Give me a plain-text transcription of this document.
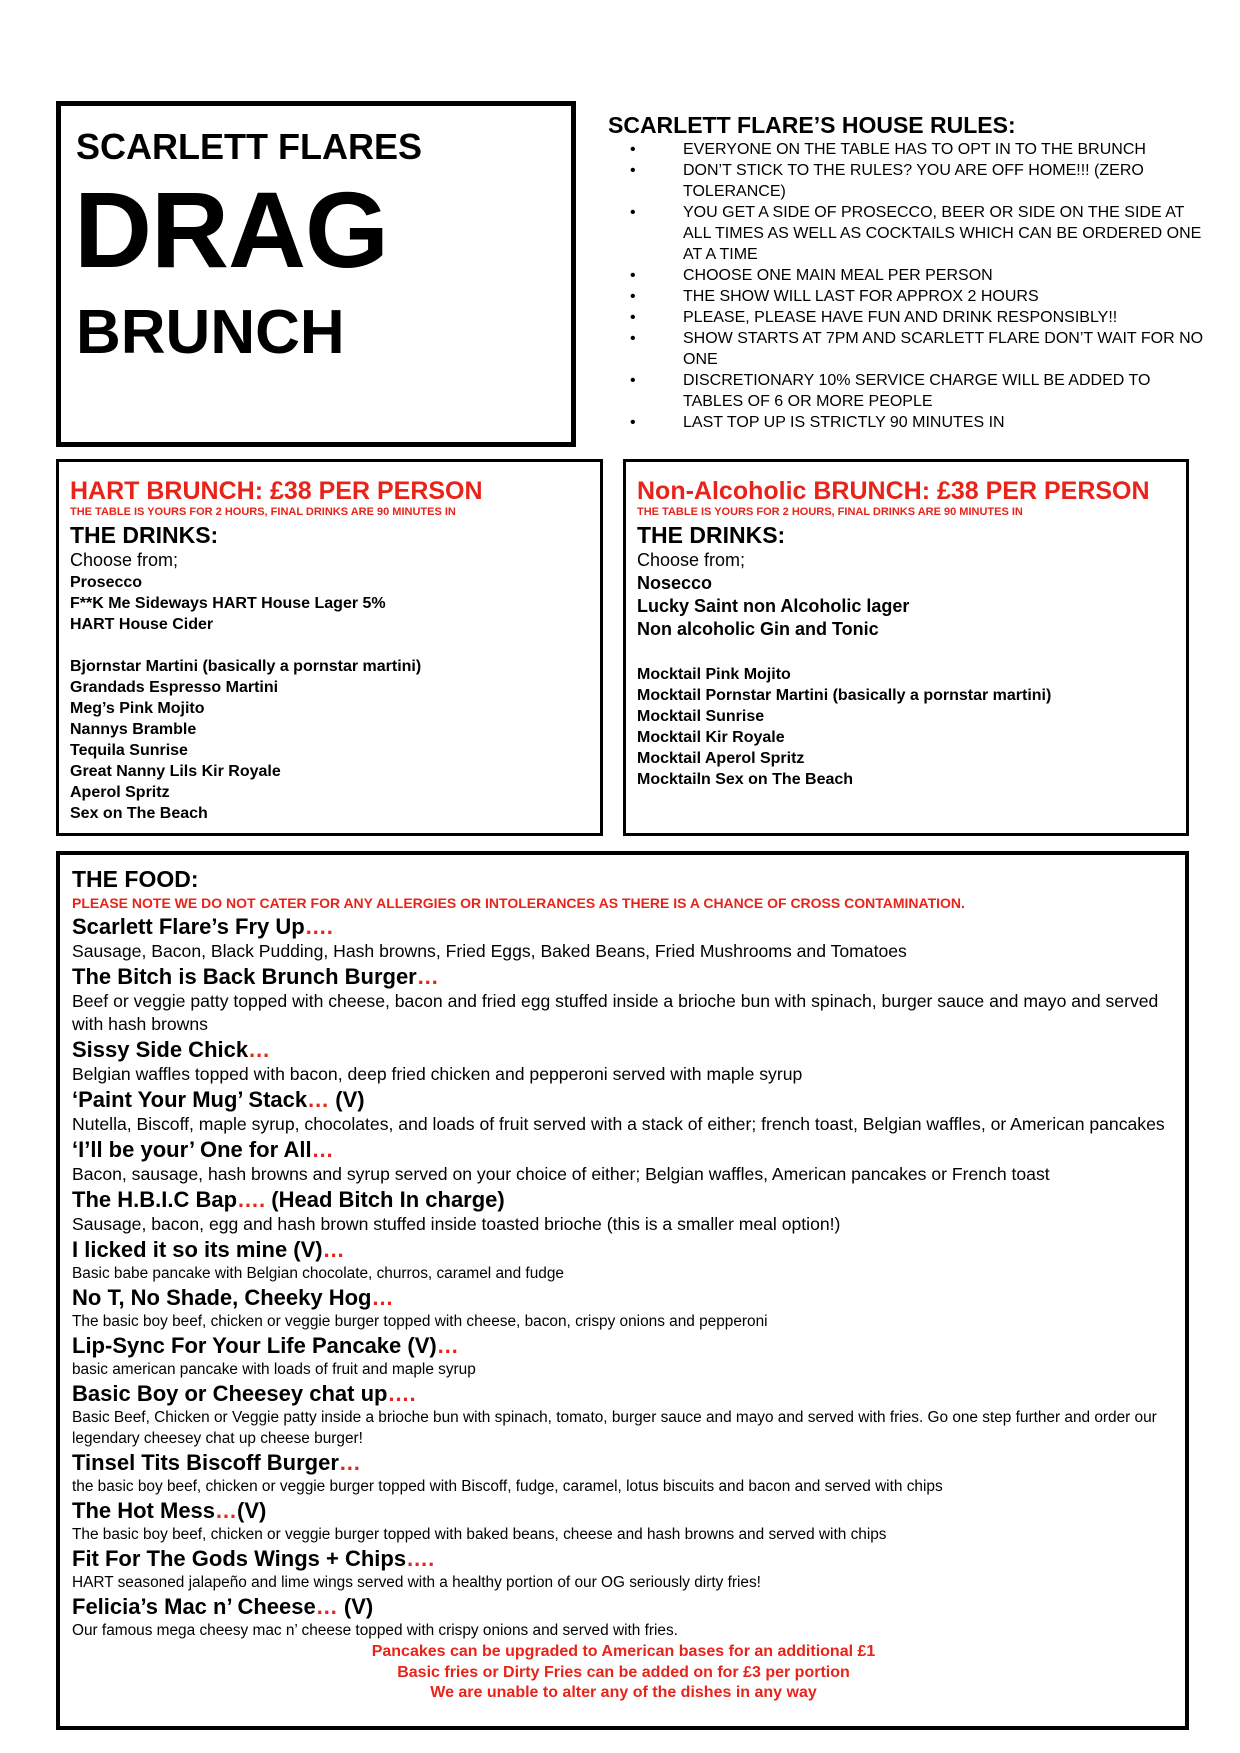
SCARLETT FLARES
DRAG
BRUNCH
SCARLETT FLARE’S HOUSE RULES:
• EVERYONE ON THE TABLE HAS TO OPT IN TO THE BRUNCH
• DON’T STICK TO THE RULES? YOU ARE OFF HOME!!! (ZERO TOLERANCE)
• YOU GET A SIDE OF PROSECCO, BEER OR SIDE ON THE SIDE AT ALL TIMES AS WELL AS COCKTAILS WHICH CAN BE ORDERED ONE AT A TIME
• CHOOSE ONE MAIN MEAL PER PERSON
• THE SHOW WILL LAST FOR APPROX 2 HOURS
• PLEASE, PLEASE HAVE FUN AND DRINK RESPONSIBLY!!
• SHOW STARTS AT 7PM AND SCARLETT FLARE DON’T WAIT FOR NO ONE
• DISCRETIONARY 10% SERVICE CHARGE WILL BE ADDED TO TABLES OF 6 OR MORE PEOPLE
• LAST TOP UP IS STRICTLY 90 MINUTES IN
HART BRUNCH: £38 PER PERSON
THE TABLE IS YOURS FOR 2 HOURS, FINAL DRINKS ARE 90 MINUTES IN
THE DRINKS:
Choose from;
Prosecco
F**K Me Sideways HART House Lager 5%
HART House Cider
Bjornstar Martini (basically a pornstar martini)
Grandads Espresso Martini
Meg’s Pink Mojito
Nannys Bramble
Tequila Sunrise
Great Nanny Lils Kir Royale
Aperol Spritz
Sex on The Beach
Non-Alcoholic BRUNCH: £38 PER PERSON
THE TABLE IS YOURS FOR 2 HOURS, FINAL DRINKS ARE 90 MINUTES IN
THE DRINKS:
Choose from;
Nosecco
Lucky Saint non Alcoholic lager
Non alcoholic Gin and Tonic
Mocktail Pink Mojito
Mocktail Pornstar Martini (basically a pornstar martini)
Mocktail Sunrise
Mocktail Kir Royale
Mocktail Aperol Spritz
Mocktailn Sex on The Beach
THE FOOD:
PLEASE NOTE WE DO NOT CATER FOR ANY ALLERGIES OR INTOLERANCES AS THERE IS A CHANCE OF CROSS CONTAMINATION.
Scarlett Flare’s Fry Up….
Sausage, Bacon, Black Pudding, Hash browns, Fried Eggs, Baked Beans, Fried Mushrooms and Tomatoes
The Bitch is Back Brunch Burger…
Beef or veggie patty topped with cheese, bacon and fried egg stuffed inside a brioche bun with spinach, burger sauce and mayo and served with hash browns
Sissy Side Chick…
Belgian waffles topped with bacon, deep fried chicken and pepperoni served with maple syrup
‘Paint Your Mug’ Stack… (V)
Nutella, Biscoff, maple syrup, chocolates, and loads of fruit served with a stack of either; french toast, Belgian waffles, or American pancakes
‘I’ll be your’ One for All…
Bacon, sausage, hash browns and syrup served on your choice of either; Belgian waffles, American pancakes or French toast
The H.B.I.C Bap…. (Head Bitch In charge)
Sausage, bacon, egg and hash brown stuffed inside toasted brioche (this is a smaller meal option!)
I licked it so its mine (V)…
Basic babe pancake with Belgian chocolate, churros, caramel and fudge
No T, No Shade, Cheeky Hog…
The basic boy beef, chicken or veggie burger topped with cheese, bacon, crispy onions and pepperoni
Lip-Sync For Your Life Pancake (V)…
basic american pancake with loads of fruit and maple syrup
Basic Boy or Cheesey chat up….
Basic Beef, Chicken or Veggie patty inside a brioche bun with spinach, tomato, burger sauce and mayo and served with fries. Go one step further and order our legendary cheesey chat up cheese burger!
Tinsel Tits Biscoff Burger…
the basic boy beef, chicken or veggie burger topped with Biscoff, fudge, caramel, lotus biscuits and bacon and served with chips
The Hot Mess…(V)
The basic boy beef, chicken or veggie burger topped with baked beans, cheese and hash browns and served with chips
Fit For The Gods Wings + Chips….
HART seasoned jalapeño and lime wings served with a healthy portion of our OG seriously dirty fries!
Felicia’s Mac n’ Cheese… (V)
Our famous mega cheesy mac n’ cheese topped with crispy onions and served with fries.
Pancakes can be upgraded to American bases for an additional £1
Basic fries or Dirty Fries can be added on for £3 per portion
We are unable to alter any of the dishes in any way
